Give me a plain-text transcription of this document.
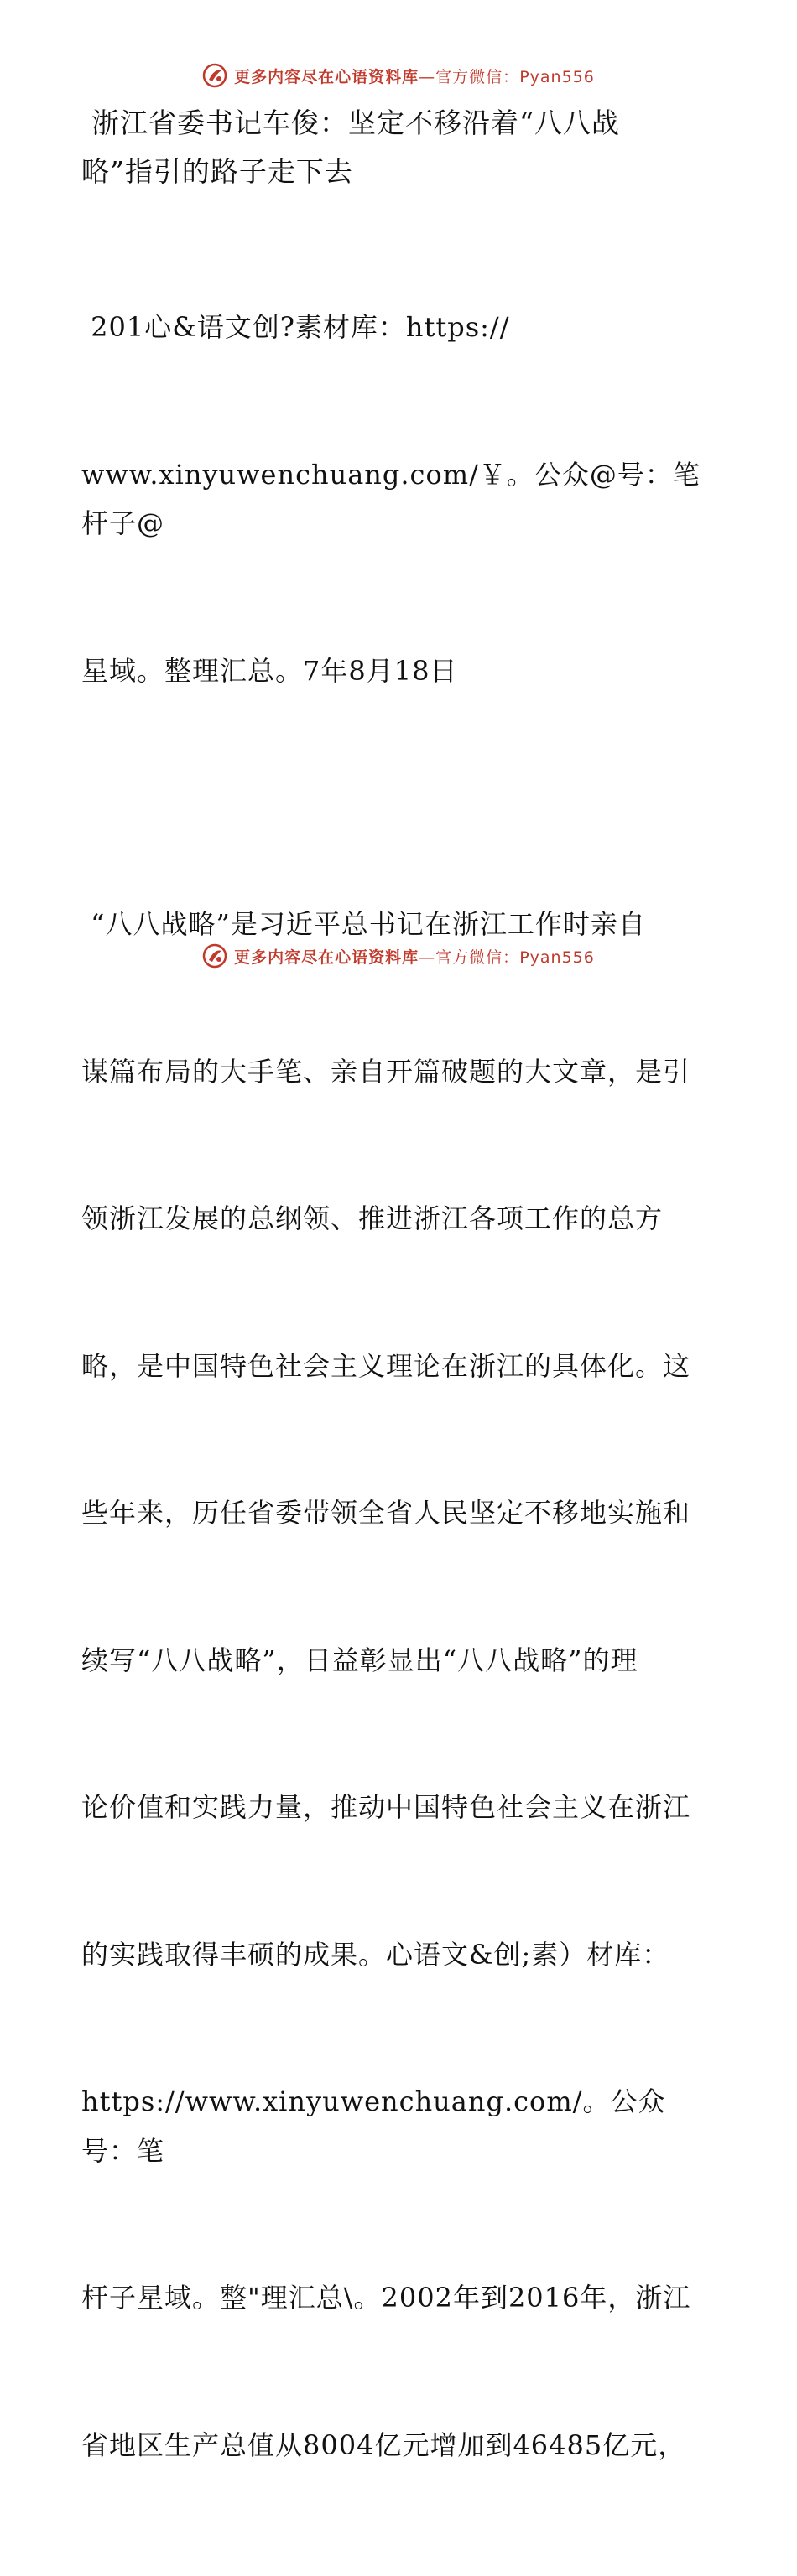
更多内容尽在心语资料库—官方微信：Pyan556
浙江省委书记车俊：坚定不移沿着“八八战
略”指引的路子走下去

201心&语文创?素材库：https://

www.xinyuwenchuang.com/￥。公众@号：笔杆子@

星域。整理汇总。7年8月18日

“八八战略”是习近平总书记在浙江工作时亲自

谋篇布局的大手笔、亲自开篇破题的大文章，是引

领浙江发展的总纲领、推进浙江各项工作的总方

略，是中国特色社会主义理论在浙江的具体化。这

些年来，历任省委带领全省人民坚定不移地实施和

续写“八八战略”，日益彰显出“八八战略”的理

论价值和实践力量，推动中国特色社会主义在浙江

的实践取得丰硕的成果。心语文&创;素）材库：

https://www.xinyuwenchuang.com/。公众号：笔

杆子星域。整"理汇总\。2002年到2016年，浙江

省地区生产总值从8004亿元增加到46485亿元，

更多内容尽在心语资料库—官方微信：Pyan556
